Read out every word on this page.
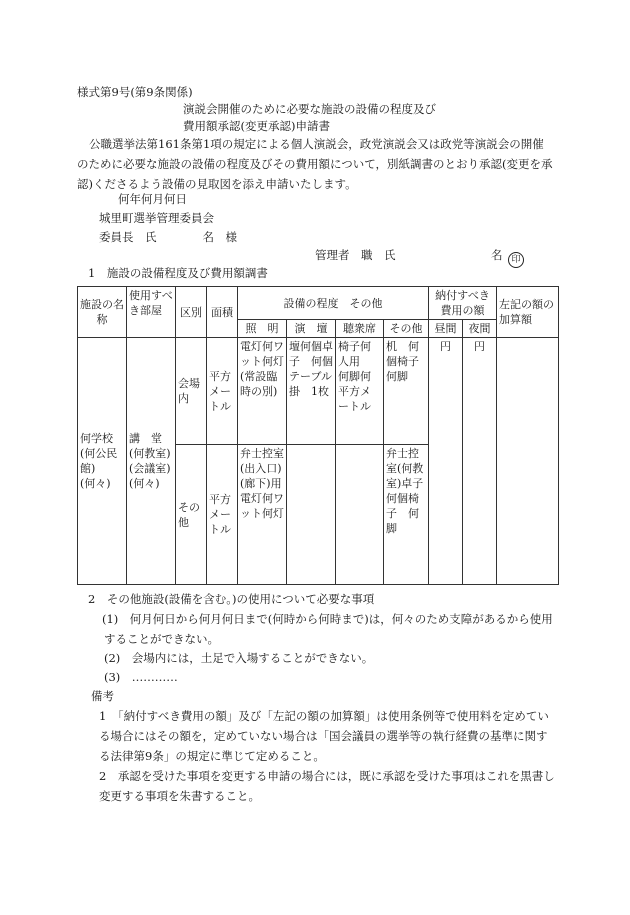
様式第9号(第9条関係)
演説会開催のために必要な施設の設備の程度及び
費用額承認(変更承認)申請書
公職選挙法第161条第1項の規定による個人演説会，政党演説会又は政党等演説会の開催のために必要な施設の設備の程度及びその費用額について，別紙調書のとおり承認(変更を承認)くださるよう設備の見取図を添え申請いたします。
何年何月何日
城里町選挙管理委員会
委員長　氏　　　　名　様
管理者　職　氏	名 印
1　施設の設備程度及び費用額調書
施設の名　称	使用すべき部屋	区別	面積	設備の程度　その他				納付すべき費用の額		左記の額の加算額
				照　明	演　壇	聴衆席	その他	昼間	夜間	
何学校(何公民館)(何々)	講　堂(何教室)(会議室)(何々)	会場内	平方メートル	電灯何ワット何灯(常設臨時の別)	壇何個卓子　何個テーブル掛　1枚	椅子何人用　何脚何平方メートル	机　何個椅子　何脚	円	円	
		その他	平方メートル	弁士控室(出入口)(廊下)用電灯何ワット何灯			弁士控室(何教室)卓子　何個椅子　何脚			
2　その他施設(設備を含む。)の使用について必要な事項
(1)　何月何日から何月何日まで(何時から何時まで)は，何々のため支障があるから使用することができない。
(2)　会場内には，土足で入場することができない。
(3)　…………
備考
1　「納付すべき費用の額」及び「左記の額の加算額」は使用条例等で使用料を定めている場合にはその額を，定めていない場合は「国会議員の選挙等の執行経費の基準に関する法律第9条」の規定に準じて定めること。
2　承認を受けた事項を変更する申請の場合には，既に承認を受けた事項はこれを黒書し変更する事項を朱書すること。
